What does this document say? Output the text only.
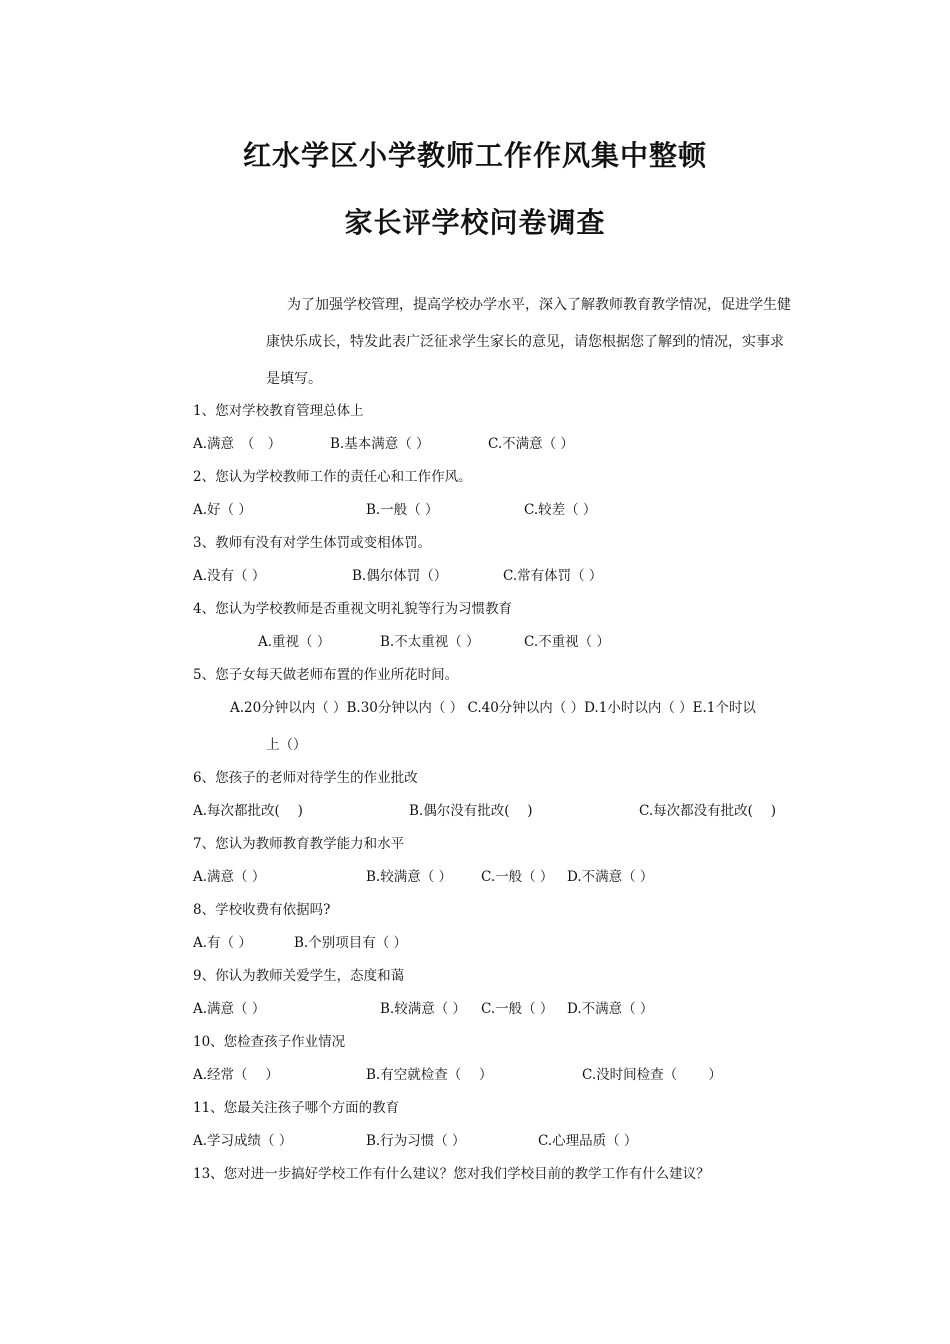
红水学区小学教师工作作风集中整顿
家长评学校问卷调查
为了加强学校管理，提高学校办学水平，深入了解教师教育教学情况，促进学生健
康快乐成长，特发此表广泛征求学生家长的意见，请您根据您了解到的情况，实事求
是填写。
1、您对学校教育管理总体上
A.满意　（　）	B.基本满意（ ）	C.不满意（ ）
2、您认为学校教师工作的责任心和工作作风。
A.好（ ）	B.一般（ ）	C.较差（ ）
3、教师有没有对学生体罚或变相体罚。
A.没有（ ）	B.偶尔体罚（）	C.常有体罚（ ）
4、您认为学校教师是否重视文明礼貌等行为习惯教育
A.重视（ ）	B.不太重视（ ）	C.不重视（ ）
5、您子女每天做老师布置的作业所花时间。
A.20分钟以内（ ）B.30分钟以内（ ） C.40分钟以内（ ）D.1小时以内（ ）E.1个时以
上（）
6、您孩子的老师对待学生的作业批改
A.每次都批改(　 )	B.偶尔没有批改(　 )	C.每次都没有批改(　 )
7、您认为教师教育教学能力和水平
A.满意（ ）	B.较满意（ ） C.一般（ ） D.不满意（ ）
8、学校收费有依据吗?
A.有（ ）	B.个别项目有（ ）
9、你认为教师关爱学生，态度和蔼
A.满意（ ）	B.较满意（ ） C.一般（ ） D.不满意（ ）
10、您检查孩子作业情况
A.经常（　 ）	B.有空就检查（　 ）	C.没时间检查（　　 ）
11、您最关注孩子哪个方面的教育
A.学习成绩（ ）	B.行为习惯（ ）	C.心理品质（ ）
13、您对进一步搞好学校工作有什么建议？您对我们学校目前的教学工作有什么建议？
